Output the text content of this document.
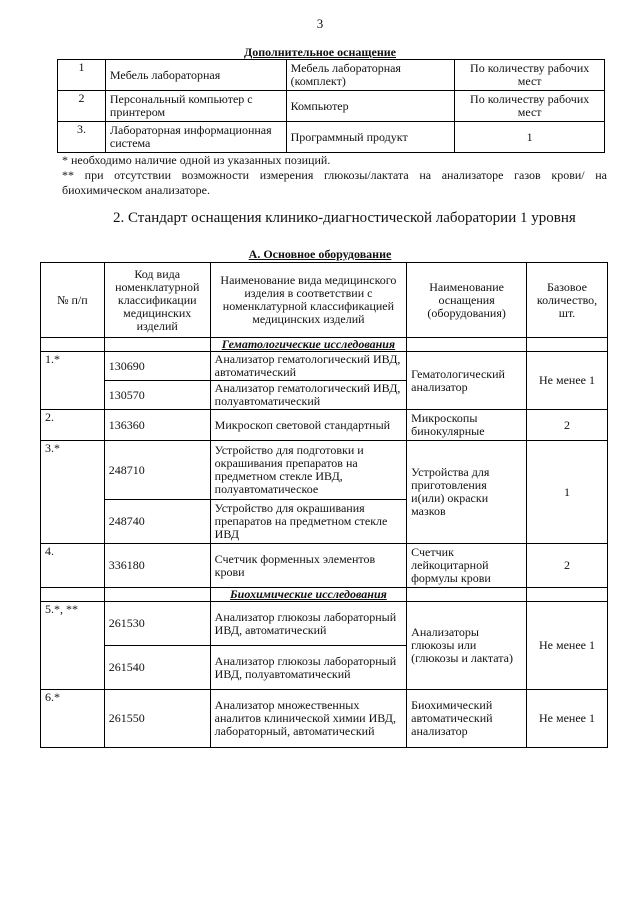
3
Дополнительное оснащение
1	Мебель лабораторная	Мебель лабораторная (комплект)	По количеству рабочих мест
2	Персональный компьютер с принтером	Компьютер	По количеству рабочих мест
3.	Лабораторная информационная система	Программный продукт	1

* необходимо наличие одной из указанных позиций.

** при отсутствии возможности измерения глюкозы/лактата на анализаторе газов крови/ на биохимическом анализаторе.

2. Стандарт оснащения клинико-диагностической лаборатории 1 уровня
А. Основное оборудование
№ п/п	Код вида номенклатурной классификации медицинских изделий	Наименование вида медицинского изделия в соответствии с номенклатурной классификацией медицинских изделий	Наименование оснащения (оборудования)	Базовое количество, шт.
		Гематологические исследования		
1.*	130690	Анализатор гематологический ИВД, автоматический	Гематологический анализатор	Не менее 1
	130570	Анализатор гематологический ИВД, полуавтоматический		
2.	136360	Микроскоп световой стандартный	Микроскопы бинокулярные	2
3.*	248710	Устройство для подготовки и окрашивания препаратов на предметном стекле ИВД, полуавтоматическое	Устройства для приготовления и(или) окраски мазков	1
	248740	Устройство для окрашивания препаратов на предметном стекле ИВД		
4.	336180	Счетчик форменных элементов крови	Счетчик лейкоцитарной формулы крови	2
		Биохимические исследования		
5.*, **	261530	Анализатор глюкозы лабораторный ИВД, автоматический	Анализаторы глюкозы или (глюкозы и лактата)	Не менее 1
	261540	Анализатор глюкозы лабораторный ИВД, полуавтоматический		
6.*	261550	Анализатор множественных аналитов клинической химии ИВД, лабораторный, автоматический	Биохимический автоматический анализатор	Не менее 1
